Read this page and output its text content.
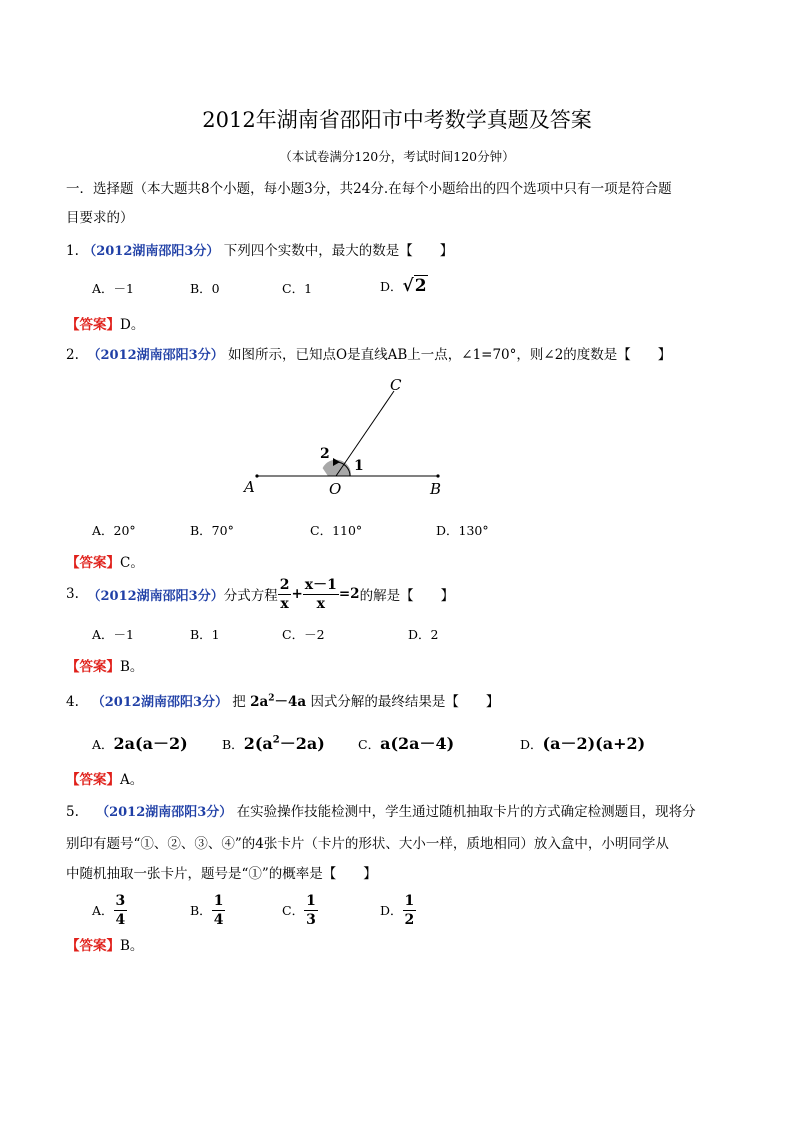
2012年湖南省邵阳市中考数学真题及答案
（本试卷满分120分，考试时间120分钟）
一．选择题（本大题共8个小题，每小题3分，共24分.在每个小题给出的四个选项中只有一项是符合题
目要求的）
1. （2012湖南邵阳3分） 下列四个实数中，最大的数是【　　】
A．－1	B．0	C．1	D．√2
【答案】D。
2. （2012湖南邵阳3分） 如图所示，已知点O是直线AB上一点，∠1=70°，则∠2的度数是【　　】
A	O	B
C
1
2
A．20°	B．70°	C．110°	D．130°
【答案】C。
3.
（2012湖南邵阳3分） 分式方程 $\frac{2}{x} + \frac{x-1}{x} =2$ 的解是【　　】
A．－1	B．1	C．－2	D．2
【答案】B。
4. （2012湖南邵阳3分） 把 $2a^2-4a$ 因式分解的最终结果是【　　】
A．2a(a－2)	B．$2(a^2-2a)$	C．a(2a－4)	D．(a－2)(a+2)
【答案】A。
5. （2012湖南邵阳3分） 在实验操作技能检测中，学生通过随机抽取卡片的方式确定检测题目，现将分
别印有题号“①、②、③、④”的4张卡片（卡片的形状、大小一样，质地相同）放入盒中，小明同学从
中随机抽取一张卡片，题号是“①”的概率是【　　】
A． $\frac{3}{4}$	B． $\frac{1}{4}$	C． $\frac{1}{3}$	D． $\frac{1}{2}$
【答案】B。
